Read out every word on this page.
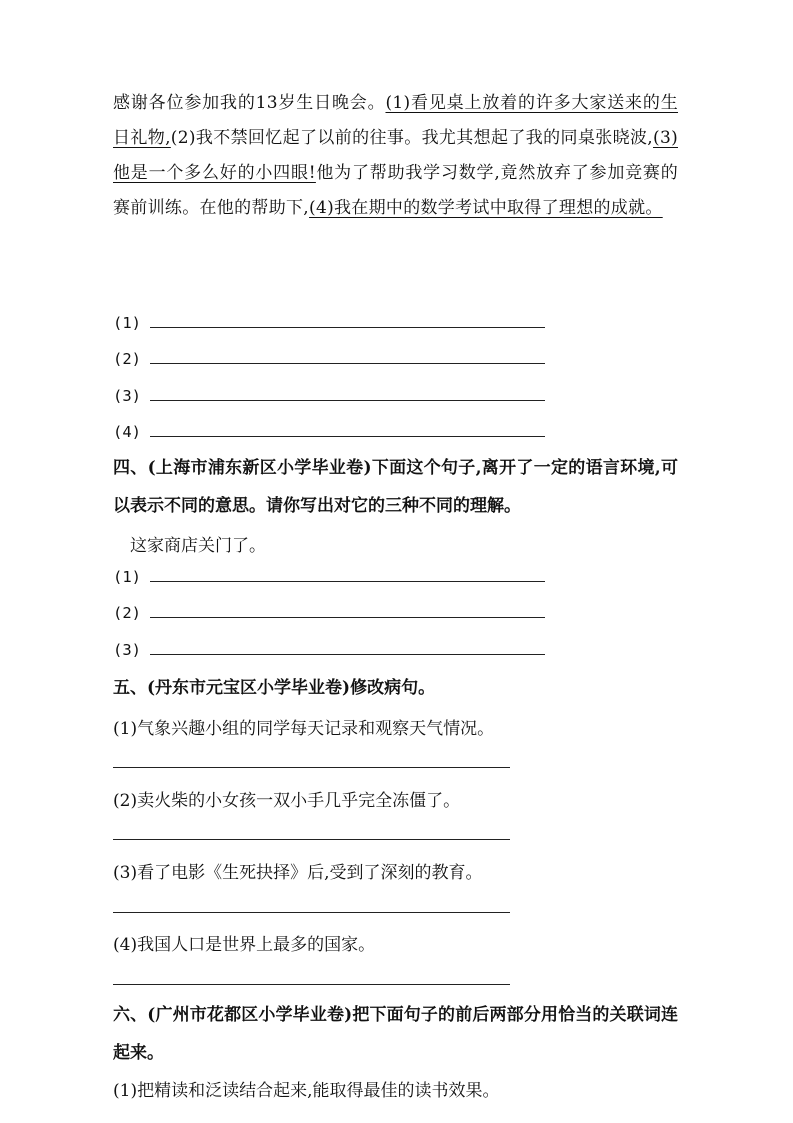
感谢各位参加我的13岁生日晚会。(1)看见桌上放着的许多大家送来的生日礼物,(2)我不禁回忆起了以前的往事。我尤其想起了我的同桌张晓波,(3)他是一个多么好的小四眼!他为了帮助我学习数学,竟然放弃了参加竞赛的赛前训练。在他的帮助下,(4)我在期中的数学考试中取得了理想的成就。
(1)
(2)
(3)
(4)
四、(上海市浦东新区小学毕业卷)下面这个句子,离开了一定的语言环境,可以表示不同的意思。请你写出对它的三种不同的理解。
这家商店关门了。
(1)
(2)
(3)
五、(丹东市元宝区小学毕业卷)修改病句。
(1)气象兴趣小组的同学每天记录和观察天气情况。
(2)卖火柴的小女孩一双小手几乎完全冻僵了。
(3)看了电影《生死抉择》后,受到了深刻的教育。
(4)我国人口是世界上最多的国家。
六、(广州市花都区小学毕业卷)把下面句子的前后两部分用恰当的关联词连起来。
(1)把精读和泛读结合起来,能取得最佳的读书效果。
